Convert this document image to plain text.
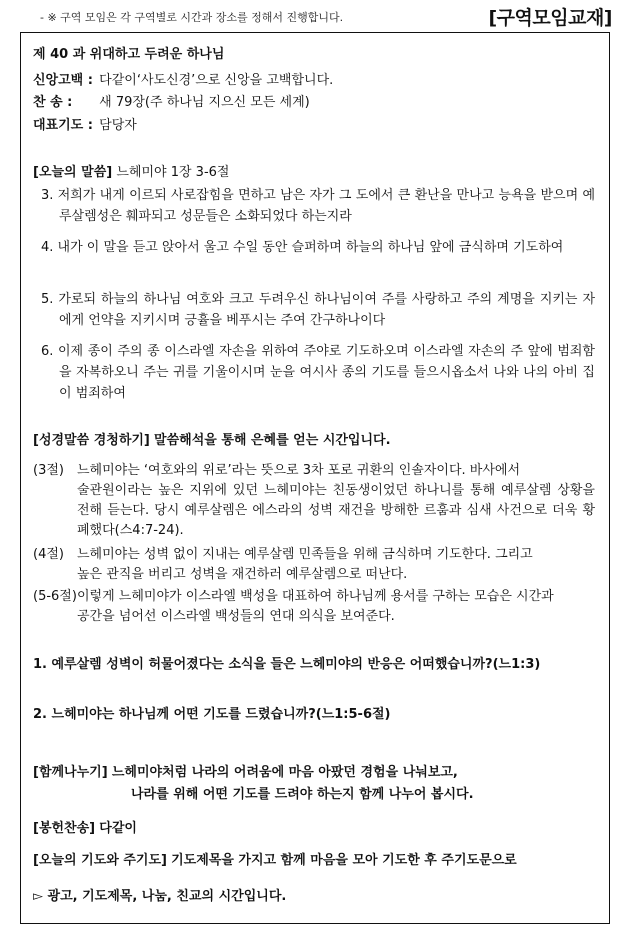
- ※ 구역 모임은 각 구역별로 시간과 장소를 정해서 진행합니다.	[구역모임교재]
제 40 과 위대하고 두려운 하나님
신앙고백 : 다같이‘사도신경’으로 신앙을 고백합니다.
찬 송 : 새 79장(주 하나님 지으신 모든 세계)
대표기도 : 담당자
[오늘의 말씀] 느헤미야 1장 3-6절
3. 저희가 내게 이르되 사로잡힘을 면하고 남은 자가 그 도에서 큰 환난을 만나고 능욕을 받으며 예루살렘성은 훼파되고 성문들은 소화되었다 하는지라
4. 내가 이 말을 듣고 앉아서 울고 수일 동안 슬퍼하며 하늘의 하나님 앞에 금식하며 기도하여
5. 가로되 하늘의 하나님 여호와 크고 두려우신 하나님이여 주를 사랑하고 주의 계명을 지키는 자에게 언약을 지키시며 긍휼을 베푸시는 주여 간구하나이다
6. 이제 종이 주의 종 이스라엘 자손을 위하여 주야로 기도하오며 이스라엘 자손의 주 앞에 범죄함을 자복하오니 주는 귀를 기울이시며 눈을 여시사 종의 기도를 들으시옵소서 나와 나의 아비 집이 범죄하여
[성경말씀 경청하기] 말씀해석을 통해 은혜를 얻는 시간입니다.
(3절) 느헤미야는 ‘여호와의 위로’라는 뜻으로 3차 포로 귀환의 인솔자이다. 바사에서
술관원이라는 높은 지위에 있던 느헤미야는 친동생이었던 하나니를 통해 예루살렘 상황을 전해 듣는다. 당시 예루살렘은 에스라의 성벽 재건을 방해한 르훔과 심새 사건으로 더욱 황폐했다(스4:7-24).
(4절) 느헤미야는 성벽 없이 지내는 예루살렘 민족들을 위해 금식하며 기도한다. 그리고
높은 관직을 버리고 성벽을 재건하러 예루살렘으로 떠난다.
(5-6절)이렇게 느헤미야가 이스라엘 백성을 대표하여 하나님께 용서를 구하는 모습은 시간과
공간을 넘어선 이스라엘 백성들의 연대 의식을 보여준다.
1. 예루살렘 성벽이 허물어졌다는 소식을 들은 느헤미야의 반응은 어떠했습니까?(느1:3)
2. 느헤미야는 하나님께 어떤 기도를 드렸습니까?(느1:5-6절)
[함께나누기] 느헤미야처럼 나라의 어려움에 마음 아팠던 경험을 나눠보고,
나라를 위해 어떤 기도를 드려야 하는지 함께 나누어 봅시다.
[봉헌찬송] 다같이
[오늘의 기도와 주기도] 기도제목을 가지고 함께 마음을 모아 기도한 후 주기도문으로
▻ 광고, 기도제목, 나눔, 친교의 시간입니다.
